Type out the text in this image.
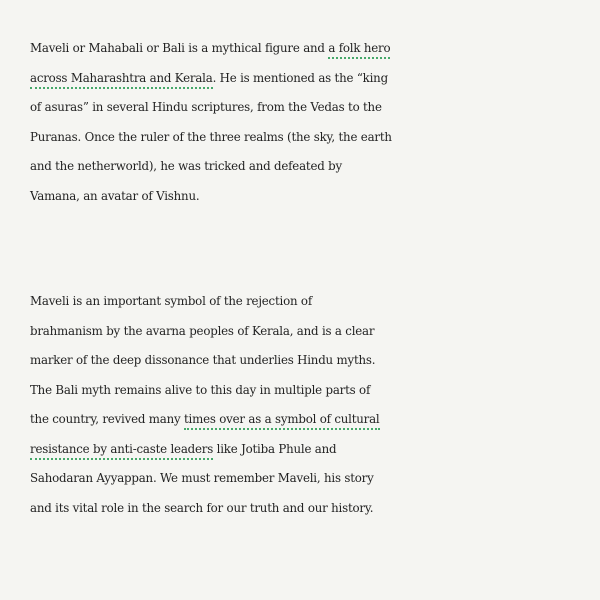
Maveli or Mahabali or Bali is a mythical figure and a folk hero
across Maharashtra and Kerala. He is mentioned as the “king
of asuras” in several Hindu scriptures, from the Vedas to the
Puranas. Once the ruler of the three realms (the sky, the earth
and the netherworld), he was tricked and defeated by
Vamana, an avatar of Vishnu.
Maveli is an important symbol of the rejection of
brahmanism by the avarna peoples of Kerala, and is a clear
marker of the deep dissonance that underlies Hindu myths.
The Bali myth remains alive to this day in multiple parts of
the country, revived many times over as a symbol of cultural
resistance by anti-caste leaders like Jotiba Phule and
Sahodaran Ayyappan. We must remember Maveli, his story
and its vital role in the search for our truth and our history.
